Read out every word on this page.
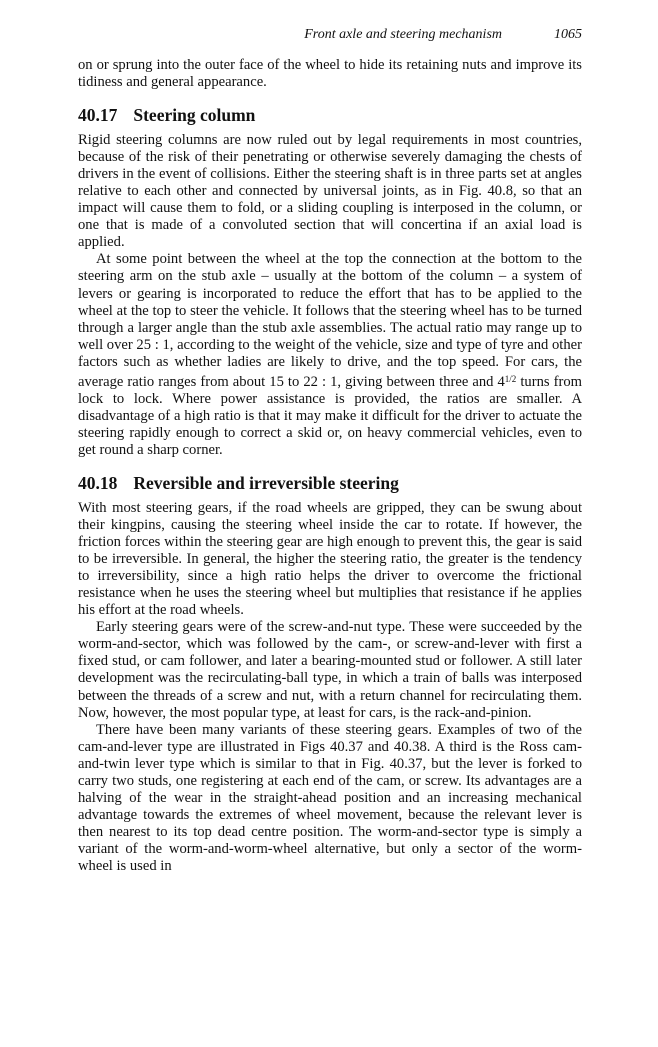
Front axle and steering mechanism	1065

on or sprung into the outer face of the wheel to hide its retaining nuts and improve its tidiness and general appearance.

40.17 Steering column

Rigid steering columns are now ruled out by legal requirements in most countries, because of the risk of their penetrating or otherwise severely damaging the chests of drivers in the event of collisions. Either the steering shaft is in three parts set at angles relative to each other and connected by universal joints, as in Fig. 40.8, so that an impact will cause them to fold, or a sliding coupling is interposed in the column, or one that is made of a convoluted section that will concertina if an axial load is applied.

At some point between the wheel at the top the connection at the bottom to the steering arm on the stub axle – usually at the bottom of the column – a system of levers or gearing is incorporated to reduce the effort that has to be applied to the wheel at the top to steer the vehicle. It follows that the steering wheel has to be turned through a larger angle than the stub axle assemblies. The actual ratio may range up to well over 25 : 1, according to the weight of the vehicle, size and type of tyre and other factors such as whether ladies are likely to drive, and the top speed. For cars, the average ratio ranges from about 15 to 22 : 1, giving between three and $4^{1/2}$ turns from lock to lock. Where power assistance is provided, the ratios are smaller. A disadvantage of a high ratio is that it may make it difficult for the driver to actuate the steering rapidly enough to correct a skid or, on heavy commercial vehicles, even to get round a sharp corner.

40.18 Reversible and irreversible steering

With most steering gears, if the road wheels are gripped, they can be swung about their kingpins, causing the steering wheel inside the car to rotate. If however, the friction forces within the steering gear are high enough to prevent this, the gear is said to be irreversible. In general, the higher the steering ratio, the greater is the tendency to irreversibility, since a high ratio helps the driver to overcome the frictional resistance when he uses the steering wheel but multiplies that resistance if he applies his effort at the road wheels.

Early steering gears were of the screw-and-nut type. These were succeeded by the worm-and-sector, which was followed by the cam-, or screw-and-lever with first a fixed stud, or cam follower, and later a bearing-mounted stud or follower. A still later development was the recirculating-ball type, in which a train of balls was interposed between the threads of a screw and nut, with a return channel for recirculating them. Now, however, the most popular type, at least for cars, is the rack-and-pinion.

There have been many variants of these steering gears. Examples of two of the cam-and-lever type are illustrated in Figs 40.37 and 40.38. A third is the Ross cam-and-twin lever type which is similar to that in Fig. 40.37, but the lever is forked to carry two studs, one registering at each end of the cam, or screw. Its advantages are a halving of the wear in the straight-ahead position and an increasing mechanical advantage towards the extremes of wheel movement, because the relevant lever is then nearest to its top dead centre position. The worm-and-sector type is simply a variant of the worm-and-worm-wheel alternative, but only a sector of the worm-wheel is used in
